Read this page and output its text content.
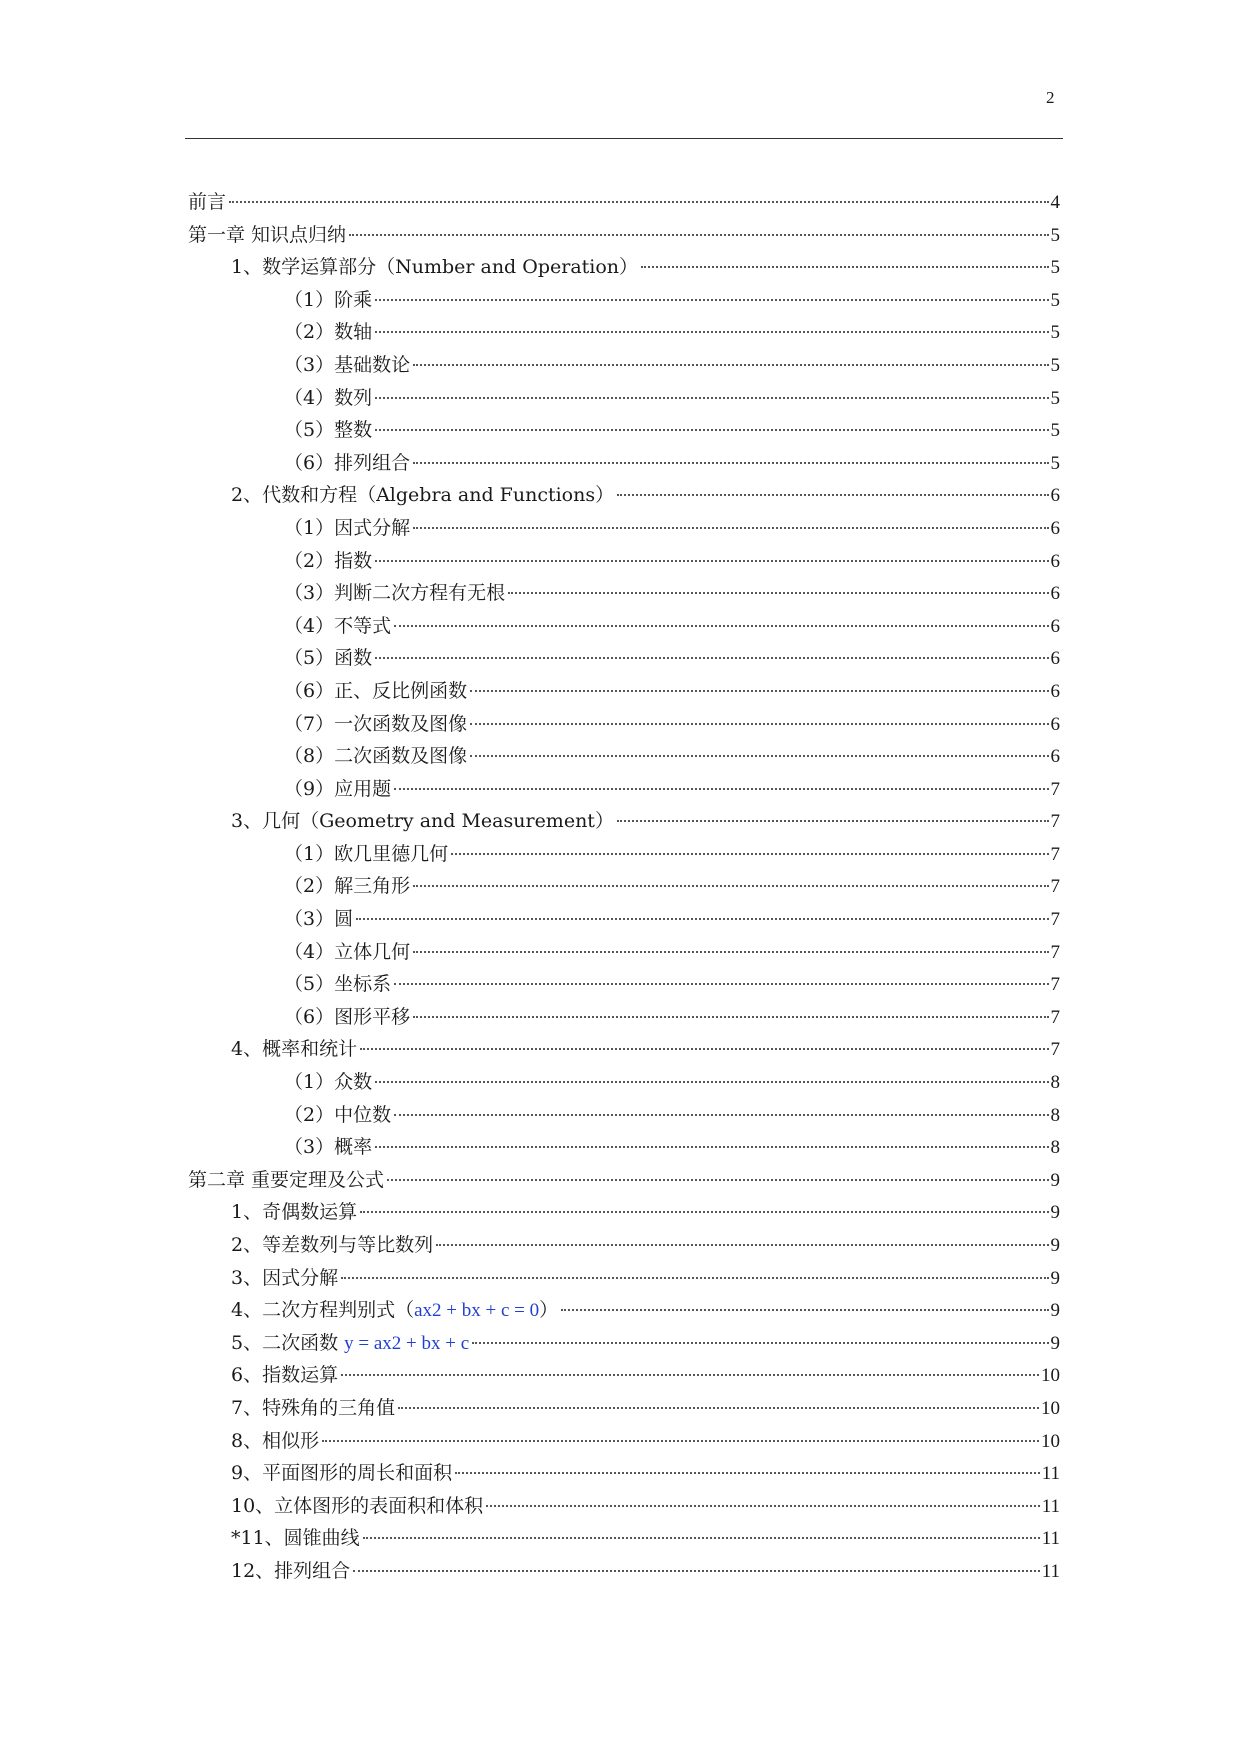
2
前言	4
第一章 知识点归纳	5
1、数学运算部分（Number and Operation）	5
（1）阶乘	5
（2）数轴	5
（3）基础数论	5
（4）数列	5
（5）整数	5
（6）排列组合	5
2、代数和方程（Algebra and Functions）	6
（1）因式分解	6
（2）指数	6
（3）判断二次方程有无根	6
（4）不等式	6
（5）函数	6
（6）正、反比例函数	6
（7）一次函数及图像	6
（8）二次函数及图像	6
（9）应用题	7
3、几何（Geometry and Measurement）	7
（1）欧几里德几何	7
（2）解三角形	7
（3）圆	7
（4）立体几何	7
（5）坐标系	7
（6）图形平移	7
4、概率和统计	7
（1）众数	8
（2）中位数	8
（3）概率	8
第二章 重要定理及公式	9
1、奇偶数运算	9
2、等差数列与等比数列	9
3、因式分解	9
4、二次方程判别式（ax2 + bx + c = 0）	9
5、二次函数 y = ax2 + bx + c	9
6、指数运算	10
7、特殊角的三角值	10
8、相似形	10
9、平面图形的周长和面积	11
10、立体图形的表面积和体积	11
*11、圆锥曲线	11
12、排列组合	11
